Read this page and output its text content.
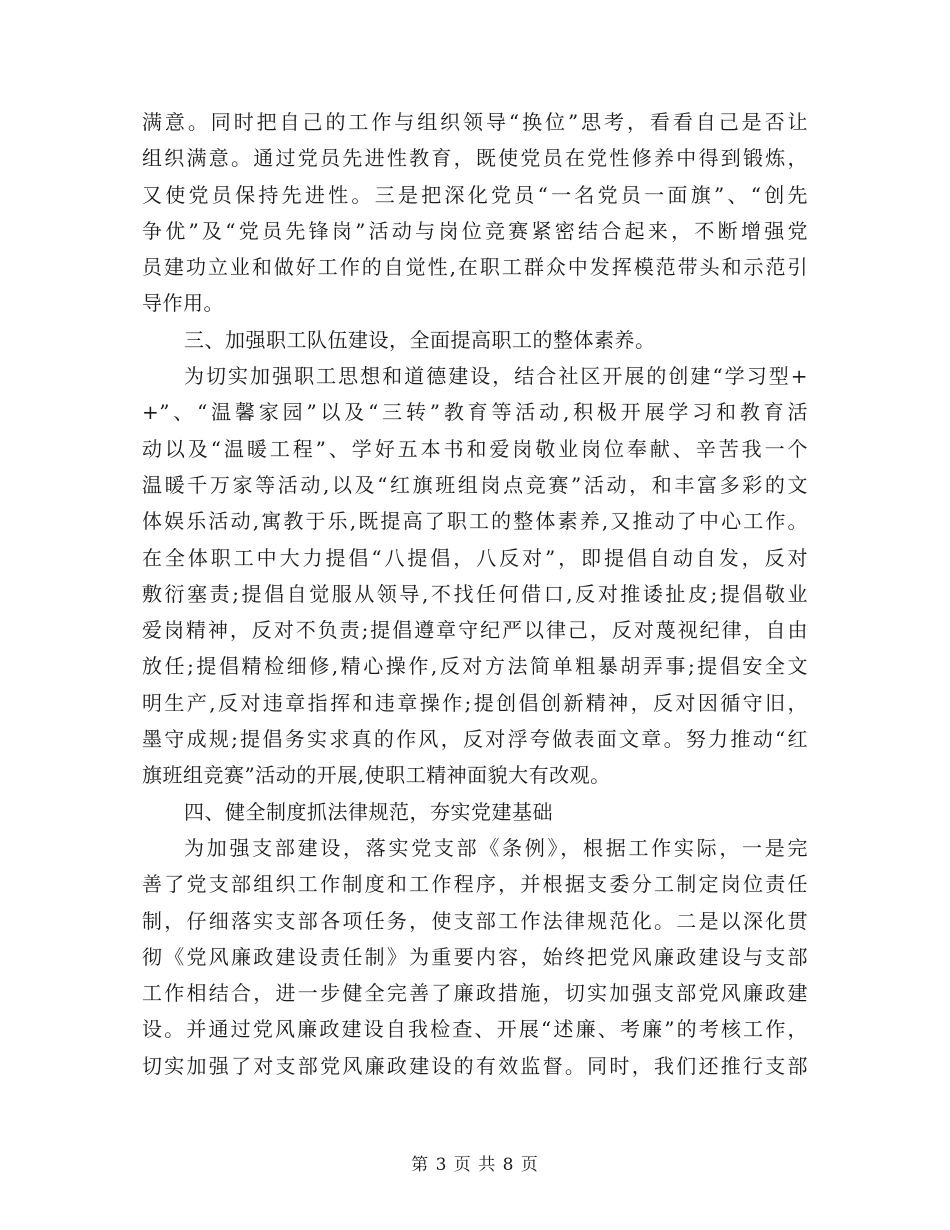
满意。同时把自己的工作与组织领导“换位”思考，看看自己是否让
组织满意。通过党员先进性教育，既使党员在党性修养中得到锻炼，
又使党员保持先进性。三是把深化党员“一名党员一面旗”、“创先
争优”及“党员先锋岗”活动与岗位竞赛紧密结合起来，不断增强党
员建功立业和做好工作的自觉性,在职工群众中发挥模范带头和示范引
导作用。
三、加强职工队伍建设，全面提高职工的整体素养。
为切实加强职工思想和道德建设，结合社区开展的创建“学习型+
+”、“温馨家园”以及“三转”教育等活动,积极开展学习和教育活
动以及“温暖工程”、学好五本书和爱岗敬业岗位奉献、辛苦我一个
温暖千万家等活动,以及“红旗班组岗点竞赛”活动，和丰富多彩的文
体娱乐活动,寓教于乐,既提高了职工的整体素养,又推动了中心工作。
在全体职工中大力提倡“八提倡，八反对”，即提倡自动自发，反对
敷衍塞责;提倡自觉服从领导,不找任何借口,反对推诿扯皮;提倡敬业
爱岗精神，反对不负责;提倡遵章守纪严以律己，反对蔑视纪律，自由
放任;提倡精检细修,精心操作,反对方法简单粗暴胡弄事;提倡安全文
明生产,反对违章指挥和违章操作;提创倡创新精神，反对因循守旧，
墨守成规;提倡务实求真的作风，反对浮夸做表面文章。努力推动“红
旗班组竞赛”活动的开展,使职工精神面貌大有改观。
四、健全制度抓法律规范，夯实党建基础
为加强支部建设，落实党支部《条例》，根据工作实际，一是完
善了党支部组织工作制度和工作程序，并根据支委分工制定岗位责任
制，仔细落实支部各项任务，使支部工作法律规范化。二是以深化贯
彻《党风廉政建设责任制》为重要内容，始终把党风廉政建设与支部
工作相结合，进一步健全完善了廉政措施，切实加强支部党风廉政建
设。并通过党风廉政建设自我检查、开展“述廉、考廉”的考核工作，
切实加强了对支部党风廉政建设的有效监督。同时，我们还推行支部
第 3 页 共 8 页
